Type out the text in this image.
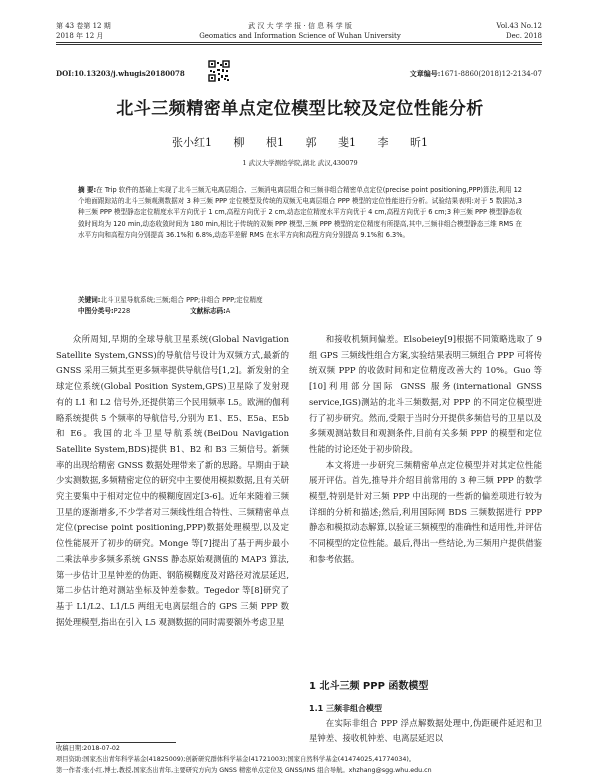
第 43 卷第 12 期
2018 年 12 月
武 汉 大 学 学 报 · 信 息 科 学 版
Geomatics and Information Science of Wuhan University
Vol.43 No.12
Dec. 2018
DOI:10.13203/j.whugis20180078	文章编号:1671-8860(2018)12-2134-07
北斗三频精密单点定位模型比较及定位性能分析
张小红1 柳 根1 郭 斐1 李 昕1
1 武汉大学测绘学院,湖北 武汉,430079
摘 要:在 Trip 软件的基础上实现了北斗三频无电离层组合、三频消电离层组合和三频非组合精密单点定位(precise point positioning,PPP)算法,利用 12 个地面跟踪站的北斗三频观测数据对 3 种三频 PPP 定位模型及传统的双频无电离层组合 PPP 模型的定位性能进行分析。试验结果表明:对于 5 数据站,3 种三频 PPP 模型静态定位精度水平方向优于 1 cm,高程方向优于 2 cm,动态定位精度水平方向优于 4 cm,高程方向优于 6 cm;3 种三频 PPP 模型静态收敛时间均为 120 min,动态收敛时间为 180 min,相比于传统的双频 PPP 模型,三频 PPP 模型的定位精度有所提高,其中,三频非组合模型静态三维 RMS 在水平方向和高程方向分别提高 36.1%和 6.8%,动态平差解 RMS 在水平方向和高程方向分别提高 9.1%和 6.3%。
关键词:北斗卫星导航系统;三频;组合 PPP;非组合 PPP;定位精度
中图分类号:P228	文献标志码:A

众所周知,早期的全球导航卫星系统(Global Navigation Satellite System,GNSS)的导航信号设计为双频方式,最新的 GNSS 采用三频其至更多频率提供导航信号[1,2]。新发射的全球定位系统(Global Position System,GPS)卫星除了发射现有的 L1 和 L2 信号外,还提供第三个民用频率 L5。欧洲的伽利略系统提供 5 个频率的导航信号,分别为 E1、E5、E5a、E5b 和 E6。我国的北斗卫星导航系统(BeiDou Navigation Satellite System,BDS)提供 B1、B2 和 B3 三频信号。新频率的出现给精密 GNSS 数据处理带来了新的思路。早期由于缺少实测数据,多频精密定位的研究中主要使用模拟数据,且有关研究主要集中于相对定位中的模糊度固定[3-6]。近年来随着三频卫星的逐渐增多,不少学者对三频线性组合特性、三频精密单点定位(precise point positioning,PPP)数据处理模型,以及定位性能展开了初步的研究。Monge 等[7]提出了基于两步最小二乘法单步多频多系统 GNSS 静态原始观测值的 MAP3 算法,第一步估计卫星钟差的伪距、钢筋模糊度及对路径对流层延迟,第二步估计绝对测站坐标及钟差参数。Tegedor 等[8]研究了基于 L1/L2、L1/L5 两组无电离层组合的 GPS 三频 PPP 数据处理模型,指出在引入 L5 观测数据的同时需要额外考虑卫星

和接收机频间偏差。Elsobeiey[9]根据不同策略选取了 9 组 GPS 三频线性组合方案,实验结果表明三频组合 PPP 可将传统双频 PPP 的收敛时间和定位精度改善大约 10%。Guo 等[10]利用部分国际 GNSS 服务(international GNSS service,IGS)测站的北斗三频数据,对 PPP 的不同定位模型进行了初步研究。然而,受限于当时分开提供多频信号的卫星以及多频观测站数目和观测条件,目前有关多频 PPP 的模型和定位性能的讨论还处于初步阶段。

本文将进一步研究三频精密单点定位模型并对其定位性能展开评估。首先,推导并介绍目前常用的 3 种三频 PPP 的数学模型,特别是针对三频 PPP 中出现的一些新的偏差项进行较为详细的分析和描述;然后,利用国际网 BDS 三频数据进行 PPP 静态和模拟动态解算,以验证三频模型的准确性和适用性,并评估不同模型的定位性能。最后,得出一些结论,为三频用户提供借鉴和参考依据。

1 北斗三频 PPP 函数模型
1.1 三频非组合模型

在实际非组合 PPP 浮点解数据处理中,伪距硬件延迟和卫星钟差、接收机钟差、电离层延迟以

收稿日期:2018-07-02
项目资助:国家杰出青年科学基金(41825009);创新研究群体科学基金(41721003);国家自然科学基金(41474025,41774034)。
第一作者:张小红,博士,教授,国家杰出青年,主要研究方向为 GNSS 精密单点定位及 GNSS/INS 组合导航。xhzhang@sgg.whu.edu.cn
